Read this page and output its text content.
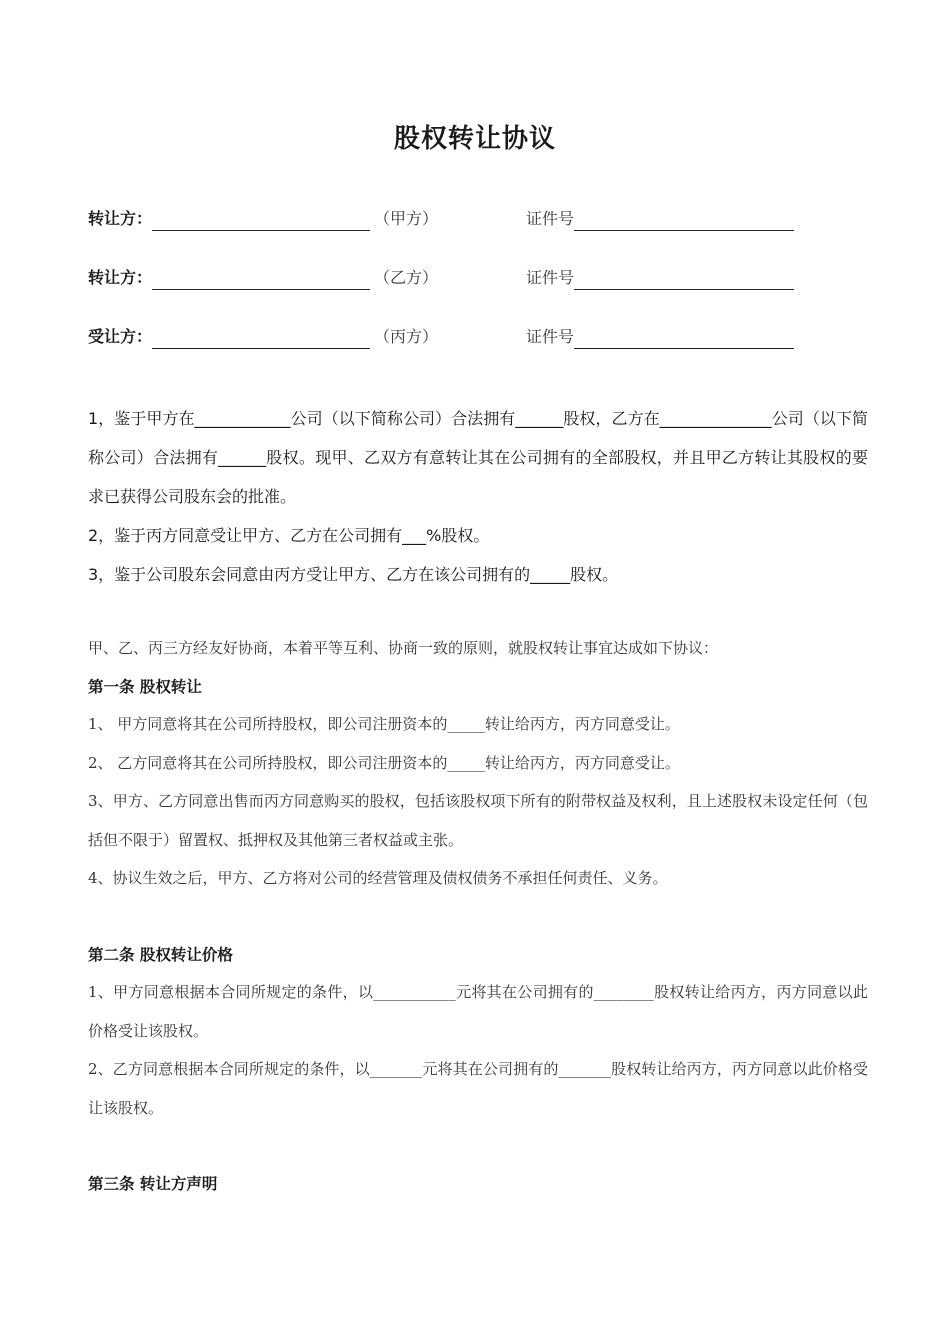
股权转让协议
转让方：	（甲方）	证件号
转让方：	（乙方）	证件号
受让方：	（丙方）	证件号

1，鉴于甲方在____________公司（以下简称公司）合法拥有______股权，乙方在______________公司（以下简称公司）合法拥有______股权。现甲、乙双方有意转让其在公司拥有的全部股权，并且甲乙方转让其股权的要求已获得公司股东会的批准。

2，鉴于丙方同意受让甲方、乙方在公司拥有___%股权。

3，鉴于公司股东会同意由丙方受让甲方、乙方在该公司拥有的_____股权。

甲、乙、丙三方经友好协商，本着平等互利、协商一致的原则，就股权转让事宜达成如下协议：
第一条 股权转让

1、 甲方同意将其在公司所持股权，即公司注册资本的_____转让给丙方，丙方同意受让。

2、 乙方同意将其在公司所持股权，即公司注册资本的_____转让给丙方，丙方同意受让。

3、甲方、乙方同意出售而丙方同意购买的股权，包括该股权项下所有的附带权益及权利，且上述股权未设定任何（包括但不限于）留置权、抵押权及其他第三者权益或主张。

4、协议生效之后，甲方、乙方将对公司的经营管理及债权债务不承担任何责任、义务。

第二条 股权转让价格

1、甲方同意根据本合同所规定的条件，以___________元将其在公司拥有的________股权转让给丙方，丙方同意以此价格受让该股权。

2、乙方同意根据本合同所规定的条件，以_______元将其在公司拥有的_______股权转让给丙方，丙方同意以此价格受让该股权。

第三条 转让方声明
